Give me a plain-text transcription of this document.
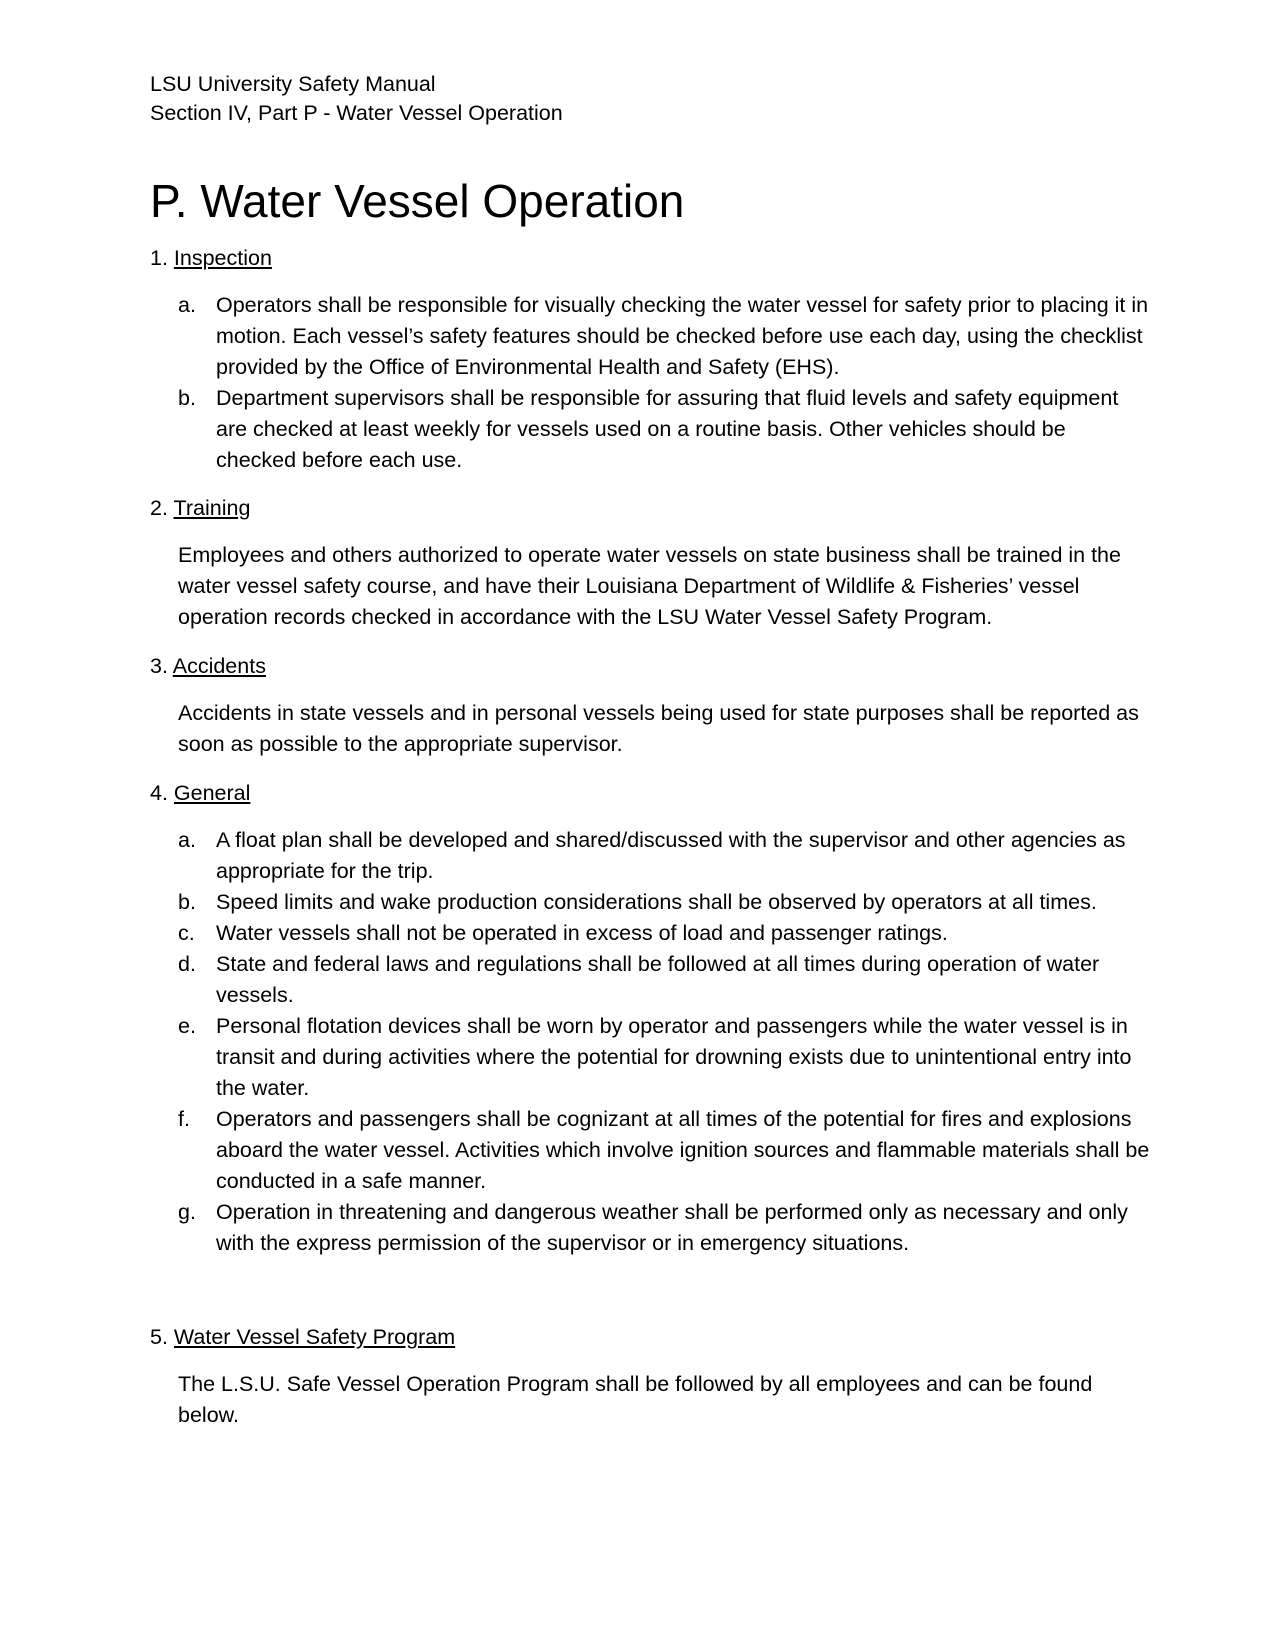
LSU University Safety Manual

Section IV, Part P - Water Vessel Operation

P. Water Vessel Operation
1. Inspection
a. Operators shall be responsible for visually checking the water vessel for safety prior to placing it in motion. Each vessel’s safety features should be checked before use each day, using the checklist provided by the Office of Environmental Health and Safety (EHS).
b. Department supervisors shall be responsible for assuring that fluid levels and safety equipment are checked at least weekly for vessels used on a routine basis. Other vehicles should be checked before each use.
2. Training

Employees and others authorized to operate water vessels on state business shall be trained in the water vessel safety course, and have their Louisiana Department of Wildlife & Fisheries’ vessel operation records checked in accordance with the LSU Water Vessel Safety Program.

3. Accidents

Accidents in state vessels and in personal vessels being used for state purposes shall be reported as soon as possible to the appropriate supervisor.

4. General
a. A float plan shall be developed and shared/discussed with the supervisor and other agencies as appropriate for the trip.
b. Speed limits and wake production considerations shall be observed by operators at all times.
c. Water vessels shall not be operated in excess of load and passenger ratings.
d. State and federal laws and regulations shall be followed at all times during operation of water vessels.
e. Personal flotation devices shall be worn by operator and passengers while the water vessel is in transit and during activities where the potential for drowning exists due to unintentional entry into the water.
f. Operators and passengers shall be cognizant at all times of the potential for fires and explosions aboard the water vessel. Activities which involve ignition sources and flammable materials shall be conducted in a safe manner.
g. Operation in threatening and dangerous weather shall be performed only as necessary and only with the express permission of the supervisor or in emergency situations.
5. Water Vessel Safety Program

The L.S.U. Safe Vessel Operation Program shall be followed by all employees and can be found below.
